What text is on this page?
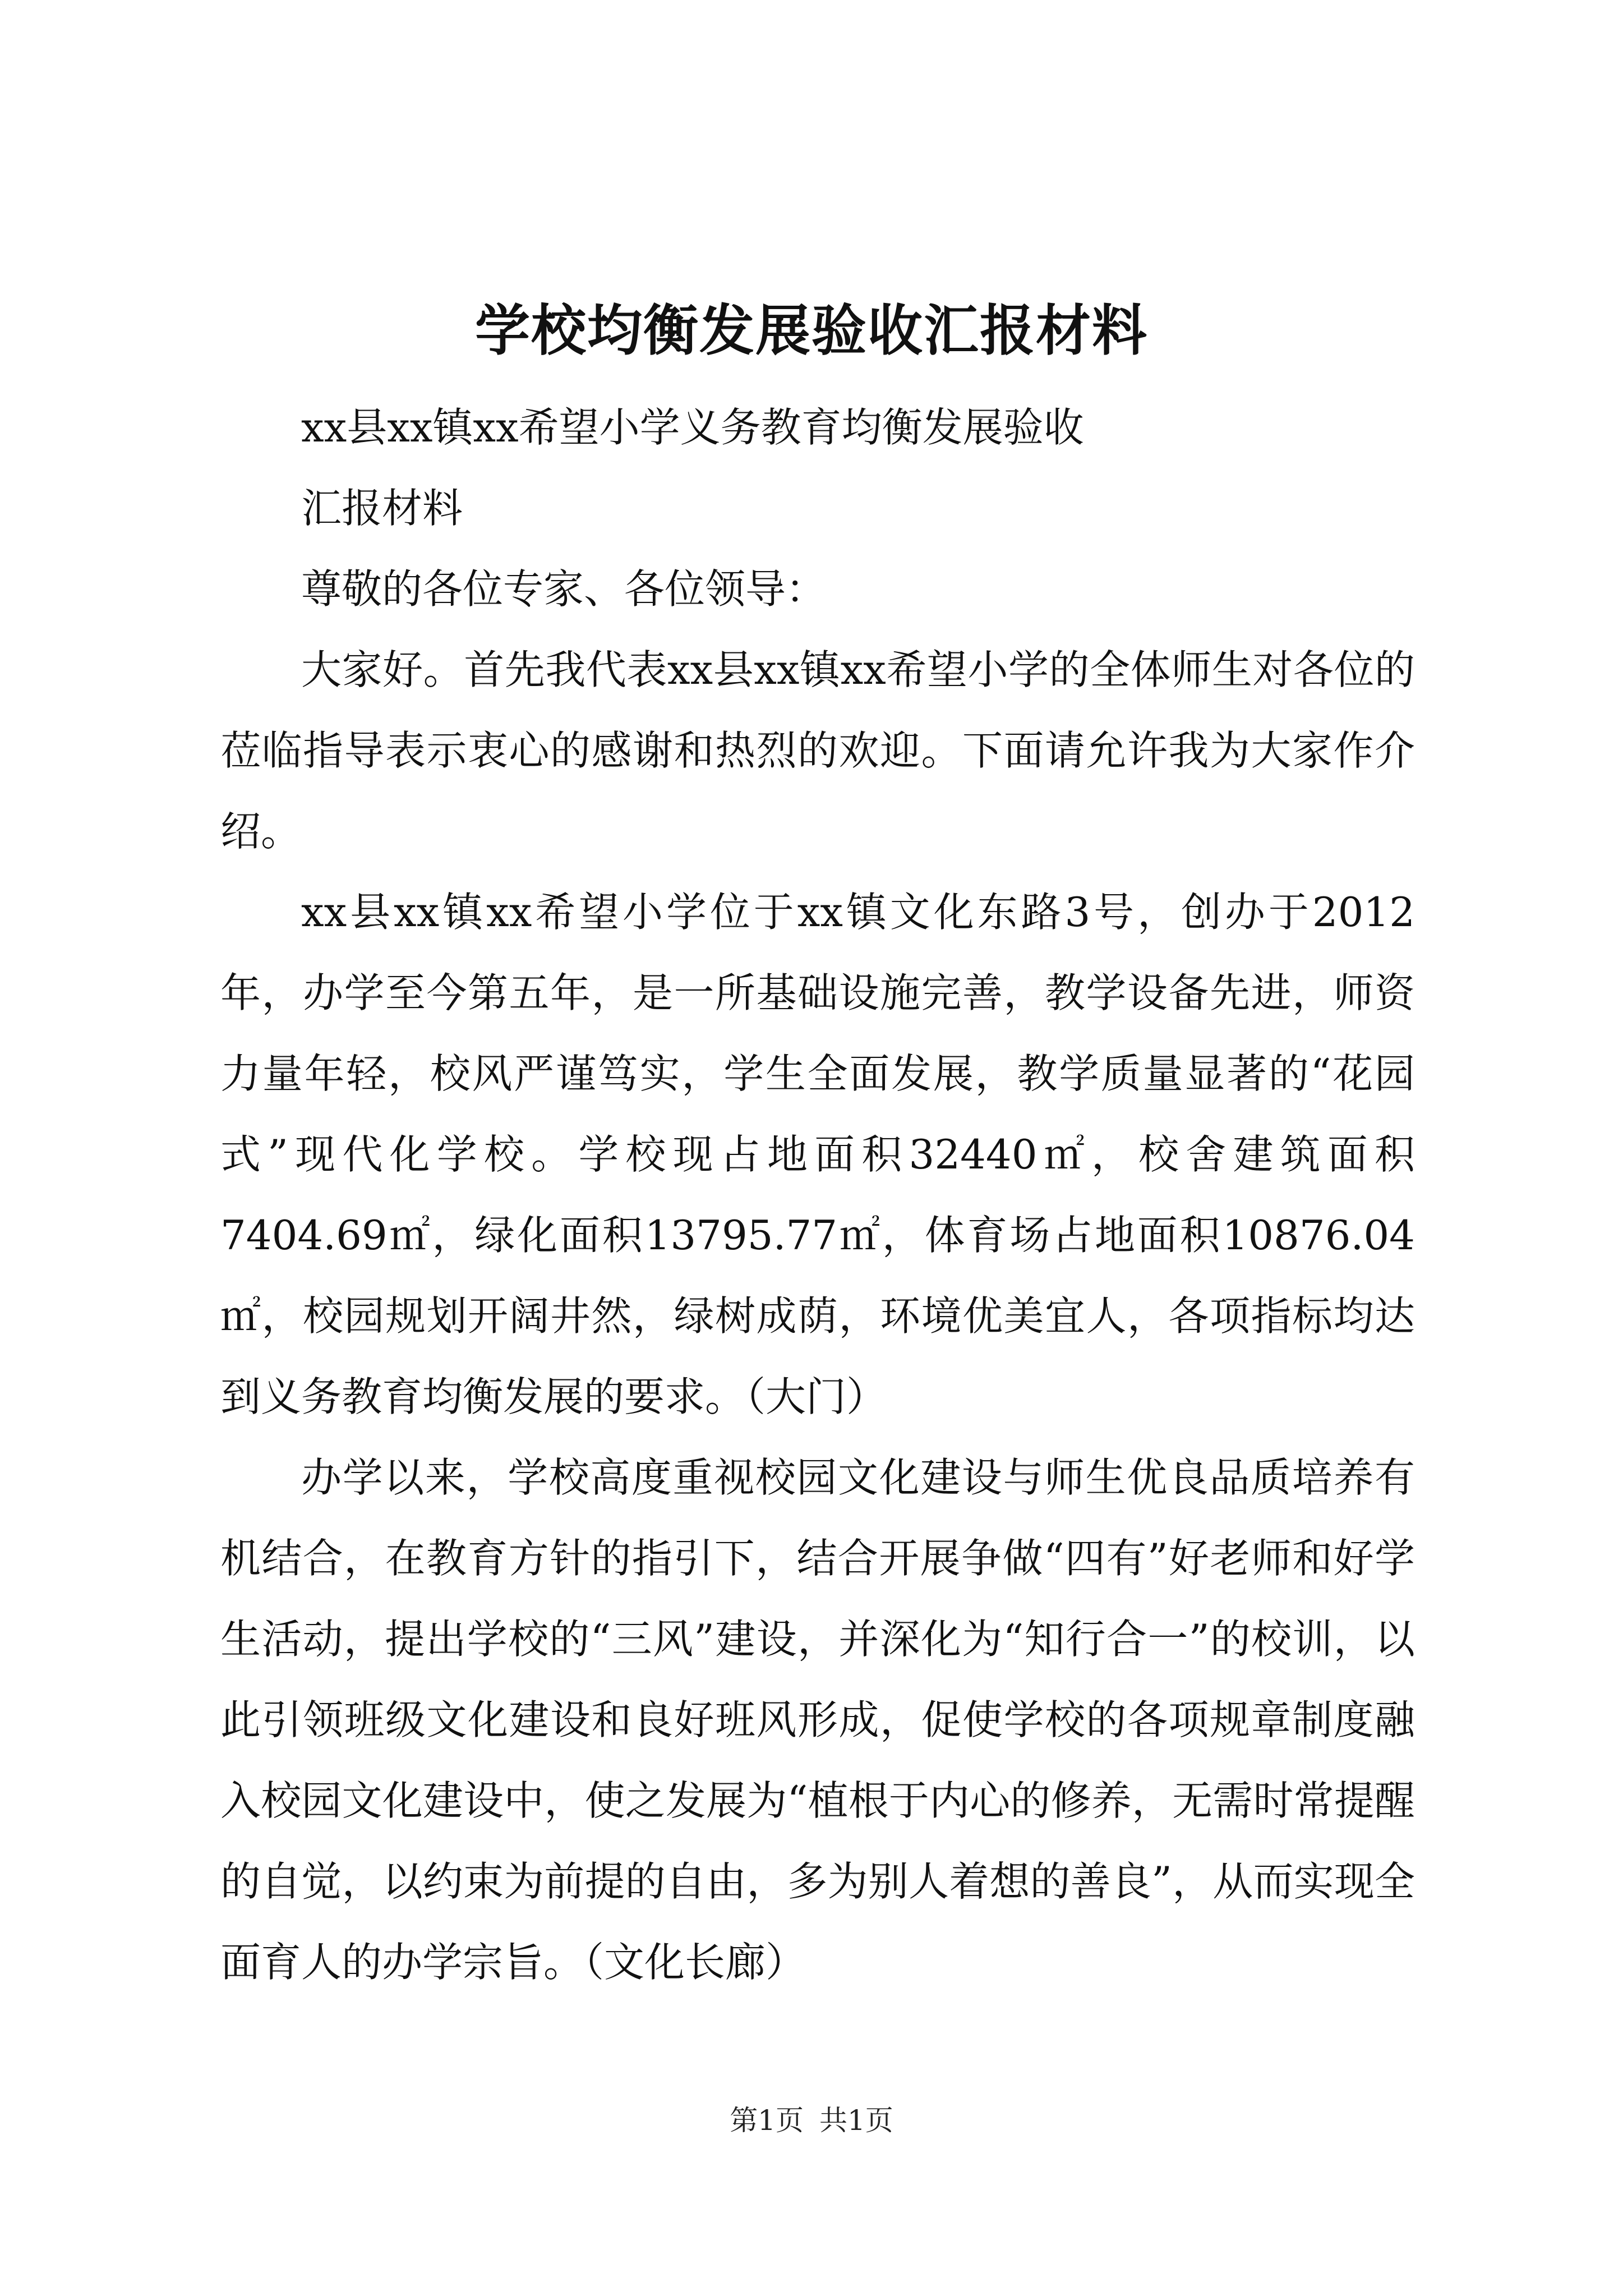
学校均衡发展验收汇报材料

xx县xx镇xx希望小学义务教育均衡发展验收

汇报材料

尊敬的各位专家、各位领导：

大家好。首先我代表xx县xx镇xx希望小学的全体师生对各位的莅临指导表示衷心的感谢和热烈的欢迎。下面请允许我为大家作介绍。

xx县xx镇xx希望小学位于xx镇文化东路3号，创办于2012年，办学至今第五年，是一所基础设施完善，教学设备先进，师资力量年轻，校风严谨笃实，学生全面发展，教学质量显著的“花园式”现代化学校。学校现占地面积32440㎡，校舍建筑面积7404.69㎡，绿化面积13795.77㎡，体育场占地面积10876.04㎡，校园规划开阔井然，绿树成荫，环境优美宜人，各项指标均达到义务教育均衡发展的要求。（大门）

办学以来，学校高度重视校园文化建设与师生优良品质培养有机结合，在教育方针的指引下，结合开展争做“四有”好老师和好学生活动，提出学校的“三风”建设，并深化为“知行合一”的校训，以此引领班级文化建设和良好班风形成，促使学校的各项规章制度融入校园文化建设中，使之发展为“植根于内心的修养，无需时常提醒的自觉，以约束为前提的自由，多为别人着想的善良”，从而实现全面育人的办学宗旨。（文化长廊）

第1页 共1页
